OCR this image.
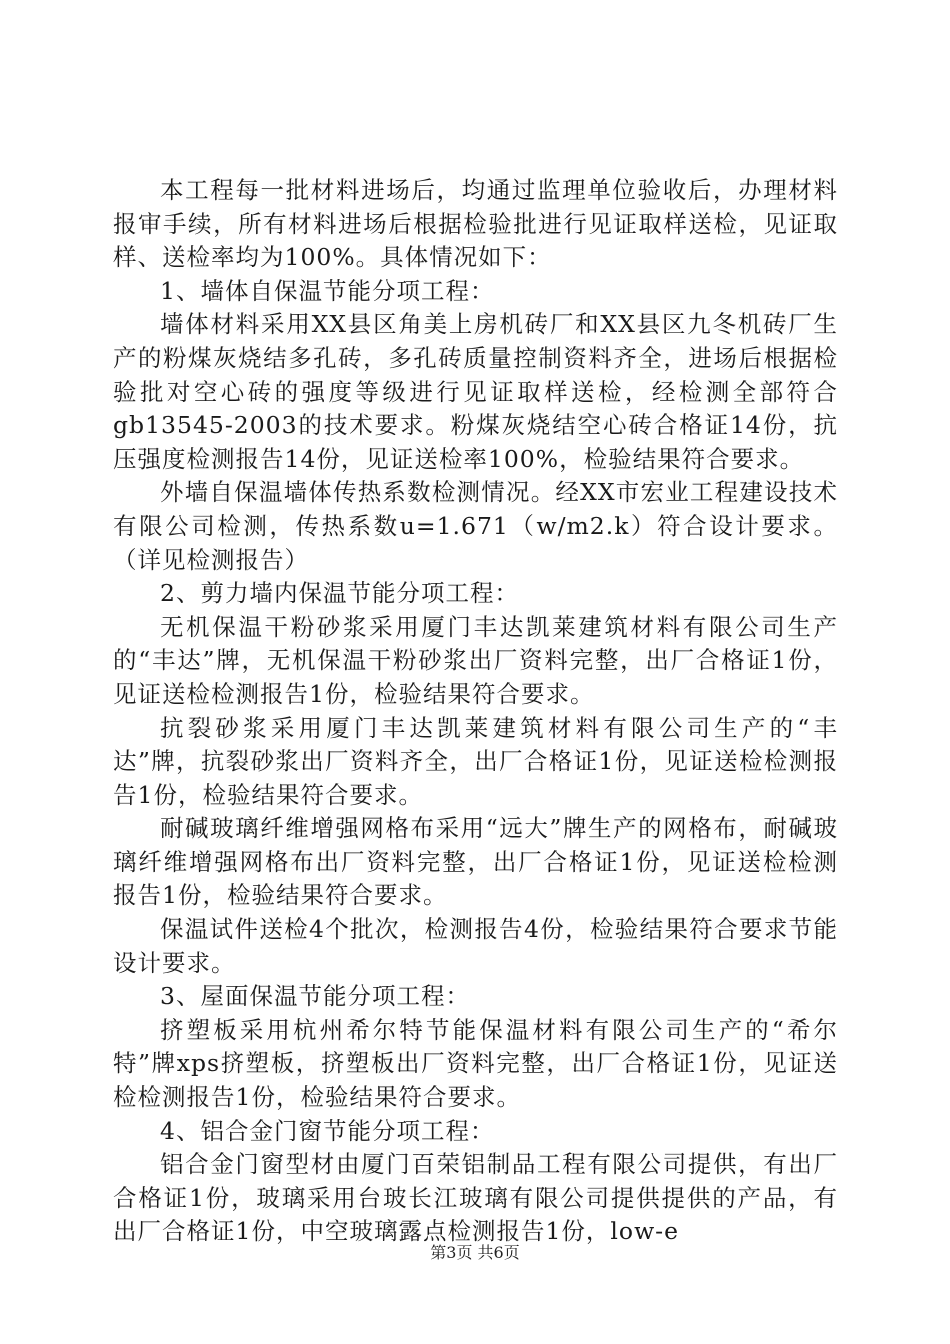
本工程每一批材料进场后，均通过监理单位验收后，办理材料报审手续，所有材料进场后根据检验批进行见证取样送检，见证取样、送检率均为100%。具体情况如下：

1、墙体自保温节能分项工程：

墙体材料采用XX县区角美上房机砖厂和XX县区九冬机砖厂生产的粉煤灰烧结多孔砖，多孔砖质量控制资料齐全，进场后根据检验批对空心砖的强度等级进行见证取样送检，经检测全部符合gb13545-2003的技术要求。粉煤灰烧结空心砖合格证14份，抗压强度检测报告14份，见证送检率100%，检验结果符合要求。

外墙自保温墙体传热系数检测情况。经XX市宏业工程建设技术有限公司检测，传热系数u=1.671（w/m2.k）符合设计要求。（详见检测报告）

2、剪力墙内保温节能分项工程：

无机保温干粉砂浆采用厦门丰达凯莱建筑材料有限公司生产的“丰达”牌，无机保温干粉砂浆出厂资料完整，出厂合格证1份，见证送检检测报告1份，检验结果符合要求。

抗裂砂浆采用厦门丰达凯莱建筑材料有限公司生产的“丰达”牌，抗裂砂浆出厂资料齐全，出厂合格证1份，见证送检检测报告1份，检验结果符合要求。

耐碱玻璃纤维增强网格布采用“远大”牌生产的网格布，耐碱玻璃纤维增强网格布出厂资料完整，出厂合格证1份，见证送检检测报告1份，检验结果符合要求。

保温试件送检4个批次，检测报告4份，检验结果符合要求节能设计要求。

3、屋面保温节能分项工程：

挤塑板采用杭州希尔特节能保温材料有限公司生产的“希尔特”牌xps挤塑板，挤塑板出厂资料完整，出厂合格证1份，见证送检检测报告1份，检验结果符合要求。

4、铝合金门窗节能分项工程：

铝合金门窗型材由厦门百荣铝制品工程有限公司提供，有出厂合格证1份，玻璃采用台玻长江玻璃有限公司提供提供的产品，有出厂合格证1份，中空玻璃露点检测报告1份，low-e

第3页 共6页
